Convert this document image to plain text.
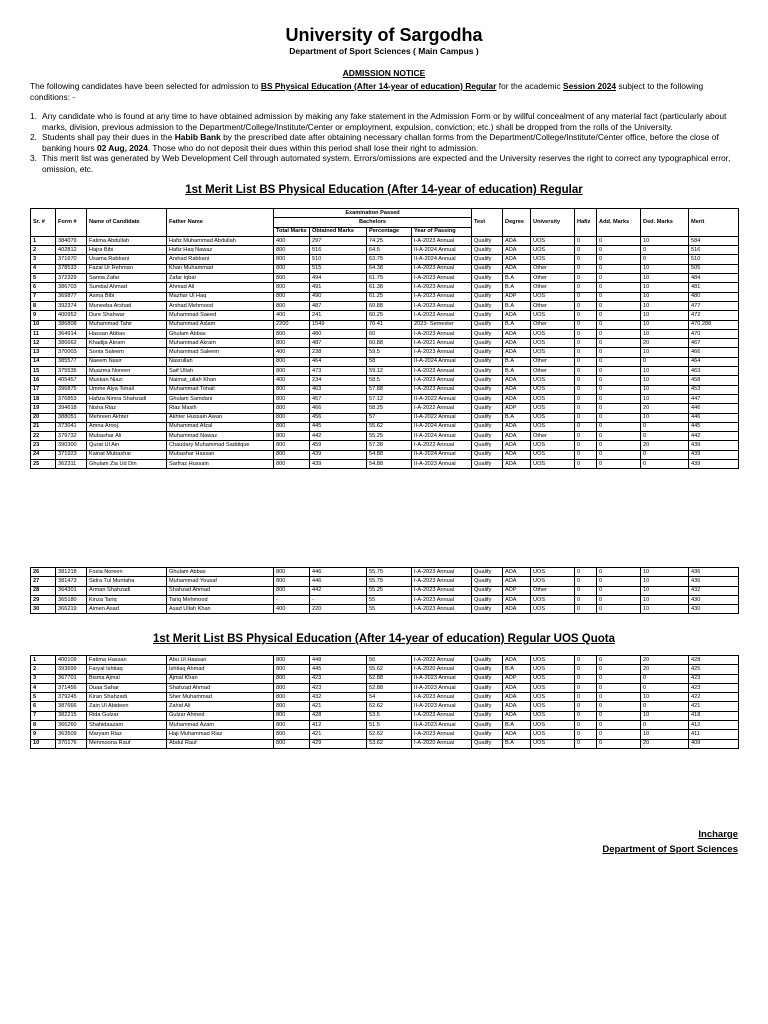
University of Sargodha
Department of Sport Sciences ( Main Campus )
ADMISSION NOTICE
The following candidates have been selected for admission to BS Physical Education (After 14-year of education) Regular for the academic Session 2024 subject to the following conditions: -
1. Any candidate who is found at any time to have obtained admission by making any fake statement in the Admission Form or by willful concealment of any material fact (particularly about marks, division, previous admission to the Department/College/Institute/Center or employment, expulsion, conviction; etc.) shall be dropped from the rolls of the University.
2. Students shall pay their dues in the Habib Bank by the prescribed date after obtaining necessary challan forms from the Department/College/Institute/Center office, before the close of banking hours 02 Aug, 2024. Those who do not deposit their dues within this period shall lose their right to admission.
3. This merit list was generated by Web Development Cell through automated system. Errors/omissions are expected and the University reserves the right to correct any typographical error, omission, etc.
1st Merit List BS Physical Education (After 14-year of education) Regular
Sr. #	Form #	Name of Candidate	Father Name	Examination Passed				Test	Degree	University	Hafiz	Add. Marks	Ded. Marks	Merit
				Bachelors										
				Total Marks	Obtained Marks	Percentage	Year of Passing							
1	384079	Fatima Abdullah	Hafiz Muhammad Abdullah	400	297	74.25	I-A-2023 Annual	Qualify	ADA	UOS	0	0	10	584
2	402812	Hajra Bibi	Hafiz Haq Nawaz	800	516	64.5	II-A-2024 Annual	Qualify	ADA	UOS	0	0	0	516
3	371670	Usama Rabbani	Arshad Rabbani	800	510	63.75	II-A-2024 Annual	Qualify	ADA	UOS	0	0	0	510
4	378533	Fazal Ur Rehman	Khan Muhammad	800	515	64.38	I-A-2023 Annual	Qualify	ADA	Other	0	0	10	505
5	372329	Samia Zafar	Zafar Iqbal	800	494	61.75	I-A-2023 Annual	Qualify	B.A	Other	0	0	10	484
6	386703	Sumbal Ahmad	Ahmad Ali	800	491	61.38	I-A-2023 Annual	Qualify	B.A	Other	0	0	10	481
7	369877	Asma Bibi	Mazhar Ul Haq	800	490	61.25	I-A-2023 Annual	Qualify	ADP	UOS	0	0	10	480
8	392374	Muneeba Arshad	Arshad Mehmood	800	487	60.88	I-A-2023 Annual	Qualify	B.A	Other	0	0	10	477
9	400952	Dure Shahwar	Muhammad Saeed	400	241	60.25	I-A-2023 Annual	Qualify	ADA	UOS	0	0	10	472
10	386808	Muhammad Tahir	Muhammad Aslam	2200	1549	70.41	2023- Semester	Qualify	B.A	Other	0	0	10	470.288
11	364914	Hassan Abbas	Ghulam Abbas	800	480	60	I-A-2023 Annual	Qualify	ADA	UOS	0	0	10	470
12	386662	Khadija Akram	Muhammad Akram	800	487	60.88	I-A-2021 Annual	Qualify	ADA	UOS	0	0	20	467
13	370003	Sonia Saleem	Muhammad Saleem	400	238	59.5	I-A-2023 Annual	Qualify	ADA	UOS	0	0	10	466
14	385577	Naeem Nasir	Nasrullah	800	464	58	II-A-2024 Annual	Qualify	B.A	Other	0	0	0	464
15	375535	Muazma Noreen	Saif Ullah	800	473	59.12	I-A-2023 Annual	Qualify	B.A	Other	0	0	10	463
16	405457	Muskan Niazi	Naimat_ullah Khan	400	234	58.5	I-A-2023 Annual	Qualify	ADA	UOS	0	0	10	458
17	396875	Umme Atya Tohail	Muhammad Tohail	800	463	57.88	I-A-2023 Annual	Qualify	ADA	UOS	0	0	10	453
18	376853	Hafiza Nimra Shahzadi	Ghulam Samdani	800	457	57.12	II-A-2022 Annual	Qualify	ADA	UOS	0	0	10	447
19	394618	Nisha Riaz	Riaz Masih	800	466	58.25	I-A-2022 Annual	Qualify	ADP	UOS	0	0	20	446
20	388051	Mehreen Akhter	Akhter Hussain Awan	800	456	57	II-A-2022 Annual	Qualify	B.A	UOS	0	0	10	446
21	373041	Amna Arooj	Muhammad Afzal	800	445	55.62	II-A-2024 Annual	Qualify	ADA	UOS	0	0	0	445
22	379732	Mubashar Ali	Muhammad Nawaz	800	442	55.25	II-A-2024 Annual	Qualify	ADA	Other	0	0	0	442
23	390300	Qurat Ul Ain	Chaudary Muhammad Saddique	800	459	57.38	I-A-2022 Annual	Qualify	ADA	UOS	0	0	20	439
24	371923	Kainat Mubashar	Mubashar Hassan	800	439	54.88	II-A-2024 Annual	Qualify	ADA	UOS	0	0	0	439
25	362311	Ghulam Zia Ud Din	Sarfraz Hussain	800	439	54.88	II-A-2023 Annual	Qualify	ADA	UOS	0	0	0	439
26	381218	Fozia Noreen	Ghulam Abbas	800	446	55.75	I-A-2023 Annual	Qualify	ADA	UOS	0	0	10	436
27	381473	Sidra Tul Muntaha	Muhammad Yousaf	800	446	55.75	I-A-2023 Annual	Qualify	ADA	UOS	0	0	10	436
28	364301	Arman Shahzadi	Shahzad Ahmad	800	442	55.25	I-A-2023 Annual	Qualify	ADP	Other	0	0	10	432
29	365180	Kinza Tariq	Tariq Mehmood	-	-	55	I-A-2023 Annual	Qualify	ADA	UOS	0	0	10	430
30	366219	Aimen Asad	Asad Ullah Khan	400	220	55	I-A-2023 Annual	Qualify	ADA	UOS	0	0	10	430
1st Merit List BS Physical Education (After 14-year of education) Regular UOS Quota
1	400109	Fatima Hassan	Abu Ul Hassan	800	448	56	I-A-2022 Annual	Qualify	ADA	UOS	0	0	20	428
2	393699	Faryal Ishtiaq	Ishtiaq Ahmad	800	445	55.62	I-A-2020 Annual	Qualify	B.A	UOS	0	0	20	425
3	367701	Bisma Ajmal	Ajmal Khan	800	423	52.88	II-A-2023 Annual	Qualify	ADP	UOS	0	0	0	423
4	371456	Duaa Sahar	Shahzad Ahmad	800	423	52.88	II-A-2023 Annual	Qualify	ADA	UOS	0	0	0	423
5	379245	Kiran Shahzadi	Sher Muhammad	800	432	54	I-A-2023 Annual	Qualify	ADA	UOS	0	0	10	422
6	387666	Zain Ul Abideen	Zahid Ali	800	421	52.62	II-A-2023 Annual	Qualify	ADA	UOS	0	0	0	421
7	382215	Rida Gulzar	Gulzar Ahmed	800	428	53.5	I-A-2023 Annual	Qualify	ADA	UOS	0	0	10	418
8	366260	Shahidaazam	Muhammad Azam	800	412	51.5	II-A-2023 Annual	Qualify	B.A	UOS	0	0	0	412
9	363509	Maryam Riaz	Haji Muhammad Riaz	800	421	52.62	I-A-2023 Annual	Qualify	ADA	UOS	0	0	10	411
10	370176	Mehmoona Rauf	Abdul Rauf	800	429	53.62	I-A-2020 Annual	Qualify	B.A	UOS	0	0	20	409
Incharge
Department of Sport Sciences
